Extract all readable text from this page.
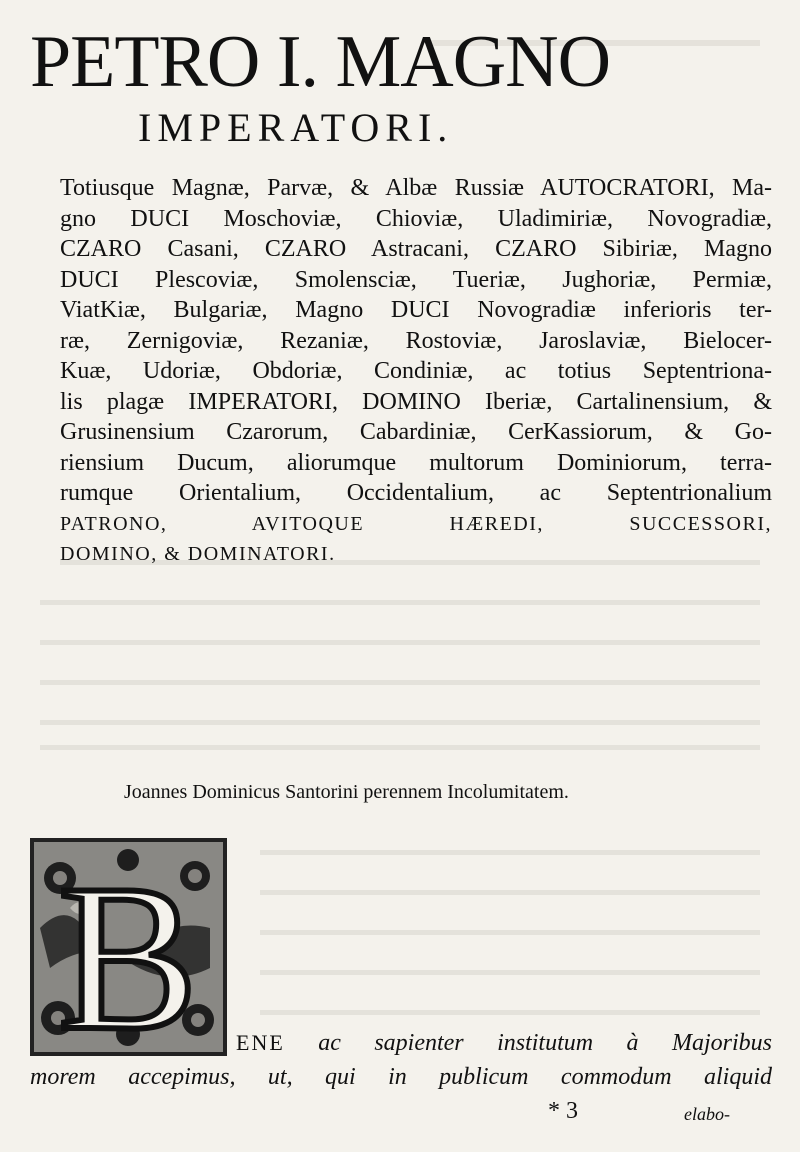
PETRO I. MAGNO
IMPERATORI.
Totiusque Magnæ, Parvæ, & Albæ Russiæ AUTOCRATORI, Ma-
gno DUCI Moschoviæ, Chioviæ, Uladimiriæ, Novogradiæ,
CZARO Casani, CZARO Astracani, CZARO Sibiriæ, Magno
DUCI Plescoviæ, Smolensciæ, Tueriæ, Jughoriæ, Permiæ,
ViatKiæ, Bulgariæ, Magno DUCI Novogradiæ inferioris ter-
ræ, Zernigoviæ, Rezaniæ, Rostoviæ, Jaroslaviæ, Bielocer-
Kuæ, Udoriæ, Obdoriæ, Condiniæ, ac totius Septentriona-
lis plagæ IMPERATORI, DOMINO Iberiæ, Cartalinensium, &
Grusinensium Czarorum, Cabardiniæ, CerKassiorum, & Go-
riensium Ducum, aliorumque multorum Dominiorum, terra-
rumque Orientalium, Occidentalium, ac Septentrionalium
PATRONO, AVITOQUE HÆREDI, SUCCESSORI,
DOMINO, & DOMINATORI.
Joannes Dominicus Santorini perennem Incolumitatem.
B ENE ac sapienter institutum à Majoribus
morem accepimus, ut, qui in publicum commodum aliquid
* 3	elabo-
